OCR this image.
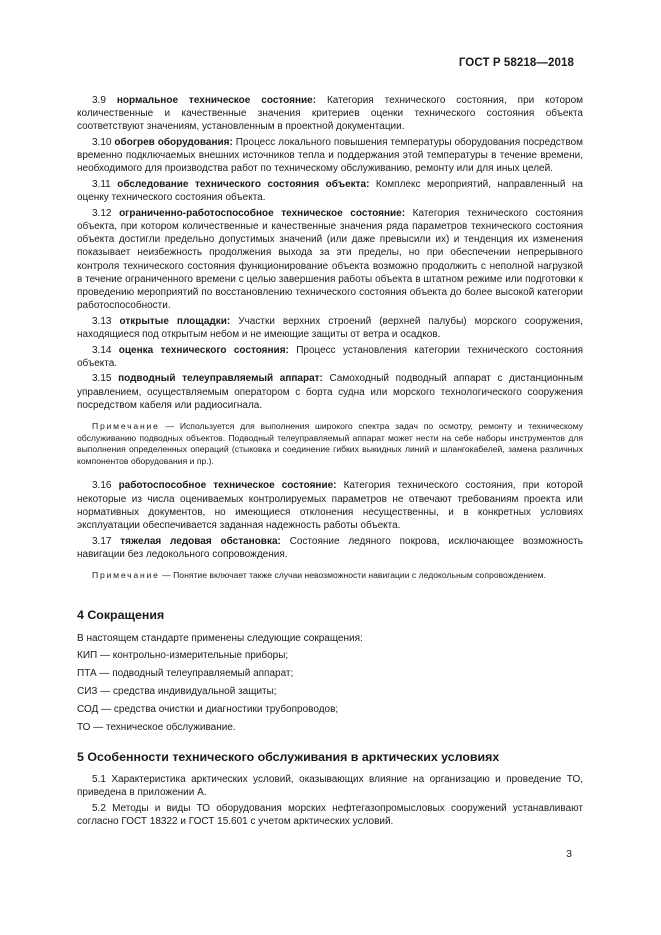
ГОСТ Р 58218—2018

3.9 нормальное техническое состояние: Категория технического состояния, при котором количественные и качественные значения критериев оценки технического состояния объекта соответствуют значениям, установленным в проектной документации.

3.10 обогрев оборудования: Процесс локального повышения температуры оборудования посредством временно подключаемых внешних источников тепла и поддержания этой температуры в течение времени, необходимого для производства работ по техническому обслуживанию, ремонту или для иных целей.

3.11 обследование технического состояния объекта: Комплекс мероприятий, направленный на оценку технического состояния объекта.

3.12 ограниченно-работоспособное техническое состояние: Категория технического состояния объекта, при котором количественные и качественные значения ряда параметров технического состояния объекта достигли предельно допустимых значений (или даже превысили их) и тенденция их изменения показывает неизбежность продолжения выхода за эти пределы, но при обеспечении непрерывного контроля технического состояния функционирование объекта возможно продолжить с неполной нагрузкой в течение ограниченного времени с целью завершения работы объекта в штатном режиме или подготовки к проведению мероприятий по восстановлению технического состояния объекта до более высокой категории работоспособности.

3.13 открытые площадки: Участки верхних строений (верхней палубы) морского сооружения, находящиеся под открытым небом и не имеющие защиты от ветра и осадков.

3.14 оценка технического состояния: Процесс установления категории технического состояния объекта.

3.15 подводный телеуправляемый аппарат: Самоходный подводный аппарат с дистанционным управлением, осуществляемым оператором с борта судна или морского технологического сооружения посредством кабеля или радиосигнала.

Примечание — Используется для выполнения широкого спектра задач по осмотру, ремонту и техническому обслуживанию подводных объектов. Подводный телеуправляемый аппарат может нести на себе наборы инструментов для выполнения определенных операций (стыковка и соединение гибких выкидных линий и шлангокабелей, замена различных компонентов оборудования и пр.).

3.16 работоспособное техническое состояние: Категория технического состояния, при которой некоторые из числа оцениваемых контролируемых параметров не отвечают требованиям проекта или нормативных документов, но имеющиеся отклонения несущественны, и в конкретных условиях эксплуатации обеспечивается заданная надежность работы объекта.

3.17 тяжелая ледовая обстановка: Состояние ледяного покрова, исключающее возможность навигации без ледокольного сопровождения.

Примечание — Понятие включает также случаи невозможности навигации с ледокольным сопровождением.

4 Сокращения

В настоящем стандарте применены следующие сокращения:

КИП — контрольно-измерительные приборы;

ПТА — подводный телеуправляемый аппарат;

СИЗ — средства индивидуальной защиты;

СОД — средства очистки и диагностики трубопроводов;

ТО — техническое обслуживание.

5 Особенности технического обслуживания в арктических условиях

5.1 Характеристика арктических условий, оказывающих влияние на организацию и проведение ТО, приведена в приложении А.

5.2 Методы и виды ТО оборудования морских нефтегазопромысловых сооружений устанавливают согласно ГОСТ 18322 и ГОСТ 15.601 с учетом арктических условий.

3
